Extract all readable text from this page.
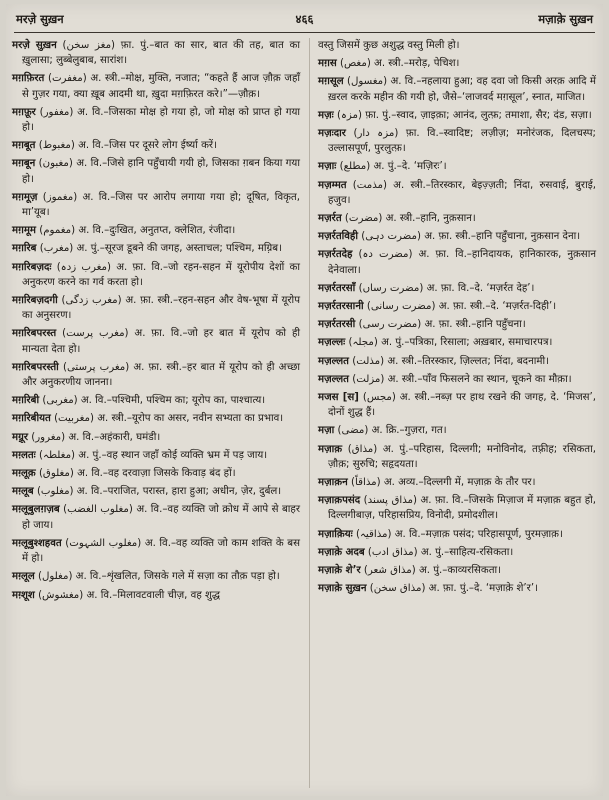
मरज़े सुख़न	४६६	मज़ाक़े सुख़न

मरज़े सुख़न (مغز سخن) फ़ा. पुं.–बात का सार, बात की तह, बात का ख़ुलासा; लुब्बेलुबाब, सारांश।

मग़फ़िरत (مغفرت) अ. स्त्री.–मोक्ष, मुक्ति, नजात; “कहते हैं आज ज़ौक़ जहाँ से गुज़र गया, क्या ख़ूब आदमी था, ख़ुदा मग़फ़िरत करे।”—ज़ौक़।

मग़फ़ूर (مغفور) अ. वि.–जिसका मोक्ष हो गया हो, जो मोक्ष को प्राप्त हो गया हो।

मग़बूत (مغبوط) अ. वि.–जिस पर दूसरे लोग ईर्ष्या करें।

मग़बून (مغبون) अ. वि.–जिसे हानि पहुँचायी गयी हो, जिसका ग़बन किया गया हो।

मग़मूज़ (مغموز) अ. वि.–जिस पर आरोप लगाया गया हो; दूषित, विकृत, मा’यूब।

मग़मूम (مغموم) अ. वि.–दुःखित, अनुतप्त, क्लेशित, रंजीदा।

मग़रिब (مغرب) अ. पुं.–सूरज डूबने की जगह, अस्ताचल; पश्चिम, मग़्रिब।

मग़रिबज़दः (مغرب زدہ) अ. फ़ा. वि.–जो रहन-सहन में यूरोपीय देशों का अनुकरण करने का गर्व करता हो।

मग़रिबज़दगी (مغرب زدگی) अ. फ़ा. स्त्री.–रहन-सहन और वेष-भूषा में यूरोप का अनुसरण।

मग़रिबपरस्त (مغرب پرست) अ. फ़ा. वि.–जो हर बात में यूरोप को ही मान्यता देता हो।

मग़रिबपरस्ती (مغرب پرستی) अ. फ़ा. स्त्री.–हर बात में यूरोप को ही अच्छा और अनुकरणीय जानना।

मग़रिबी (مغربی) अ. वि.–पश्चिमी, पश्चिम का; यूरोप का, पाश्चात्य।

मग़रिबीयत (مغربیت) अ. स्त्री.–यूरोप का असर, नवीन सभ्यता का प्रभाव।

मग़्रूर (مغرور) अ. वि.–अहंकारी, घमंडी।

मग़्लतः (مغلطہ) अ. पुं.–वह स्थान जहाँ कोई व्यक्ति भ्रम में पड़ जाय।

मग़्लूक़ (مغلوق) अ. वि.–वह दरवाज़ा जिसके किवाड़ बंद हों।

मग़्लूब (مغلوب) अ. वि.–पराजित, परास्त, हारा हुआ; अधीन, ज़ेर, दुर्बल।

मग़्लूबुलग़ज़ब (مغلوب الغضب) अ. वि.–वह व्यक्ति जो क्रोध में आपे से बाहर हो जाय।

मग़्लूबुश्शहवत (مغلوب الشہوت) अ. वि.–वह व्यक्ति जो काम शक्ति के बस में हो।

मग़्लूल (مغلول) अ. वि.–शृंखलित, जिसके गले में सज़ा का तौक़ पड़ा हो।

मग़्शूश (مغشوش) अ. वि.–मिलावटवाली चीज़, वह शुद्ध

वस्तु जिसमें कुछ अशुद्ध वस्तु मिली हो।

मग़स (مغص) अ. स्त्री.–मरोड़, पेचिश।

मग़सूल (مغسول) अ. वि.–नहलाया हुआ; वह दवा जो किसी अरक़ आदि में ख़रल करके महीन की गयी हो, जैसे–‘लाजवर्द मग़सूल’, स्नात, माजित।

मज़ः (مزہ) फ़ा. पुं.–स्वाद, ज़ाइक़ा; आनंद, लुत्फ़; तमाशा, सैर; दंड, सज़ा।

मज़ःदार (مزہ دار) फ़ा. वि.–स्वादिष्ट; लज़ीज़; मनोरंजक, दिलचस्प; उल्लासपूर्ण, पुरलुत्फ़।

मज़ाः (مطلع) अ. पुं.–दे. ‘मज़िरः’।

मज़म्मत (مذمت) अ. स्त्री.–तिरस्कार, बेइज़्ज़ती; निंदा, रुसवाई, बुराई, हजुव।

मज़र्रत (مضرت) अ. स्त्री.–हानि, नुक़सान।

मज़र्रतविही (مضرت دہی) अ. फ़ा. स्त्री.–हानि पहुँचाना, नुक़सान देना।

मज़र्रतदेह (مضرت دہ) अ. फ़ा. वि.–हानिदायक, हानिकारक, नुक़सान देनेवाला।

मज़र्रतरसाँ (مضرت رساں) अ. फ़ा. वि.–दे. ‘मज़र्रत देह’।

मज़र्रतरसानी (مضرت رسانی) अ. फ़ा. स्त्री.–दे. ‘मज़र्रत-दिही’।

मज़र्रतरसी (مضرت رسی) अ. फ़ा. स्त्री.–हानि पहुँचना।

मज़ल्लः (مجلہ) अ. पुं.–पत्रिका, रिसाला; अख़बार, समाचारपत्र।

मज़ल्लत (مذلت) अ. स्त्री.–तिरस्कार, ज़िल्लत; निंदा, बदनामी।

मज़ल्लत (مزلت) अ. स्त्री.–पाँव फिसलने का स्थान, चूकने का मौक़ा।

मजस [स] (مجس) अ. स्त्री.–नब्ज़ पर हाथ रखने की जगह, दे. ‘मिजस’, दोनों शुद्ध हैं।

मज़ा (مضی) अ. क्रि.–गुज़रा, गत।

मज़ाक़ (مذاق) अ. पुं.–परिहास, दिल्लगी; मनोविनोद, तफ़्रीह; रसिकता, ज़ौक़; सुरुचि; सहृदयता।

मज़ाक़न (مذاقاً) अ. अव्य.–दिल्लगी में, मज़ाक़ के तौर पर।

मज़ाक़पसंद (مذاق پسند) अ. फ़ा. वि.–जिसके मिज़ाज में मज़ाक़ बहुत हो, दिल्लगीबाज़, परिहासप्रिय, विनोदी, प्रमोदशील।

मज़ाक़ियः (مذاقیہ) अ. वि.–मज़ाक़ पसंद; परिहासपूर्ण, पुरमज़ाक़।

मज़ाक़े अदब (مذاق ادب) अ. पुं.–साहित्य-रसिकता।

मज़ाक़े शे’र (مذاق شعر) अ. पुं.–काव्यरसिकता।

मज़ाक़े सुख़न (مذاق سخن) अ. फ़ा. पुं.–दे. ‘मज़ाक़े शे’र’।
